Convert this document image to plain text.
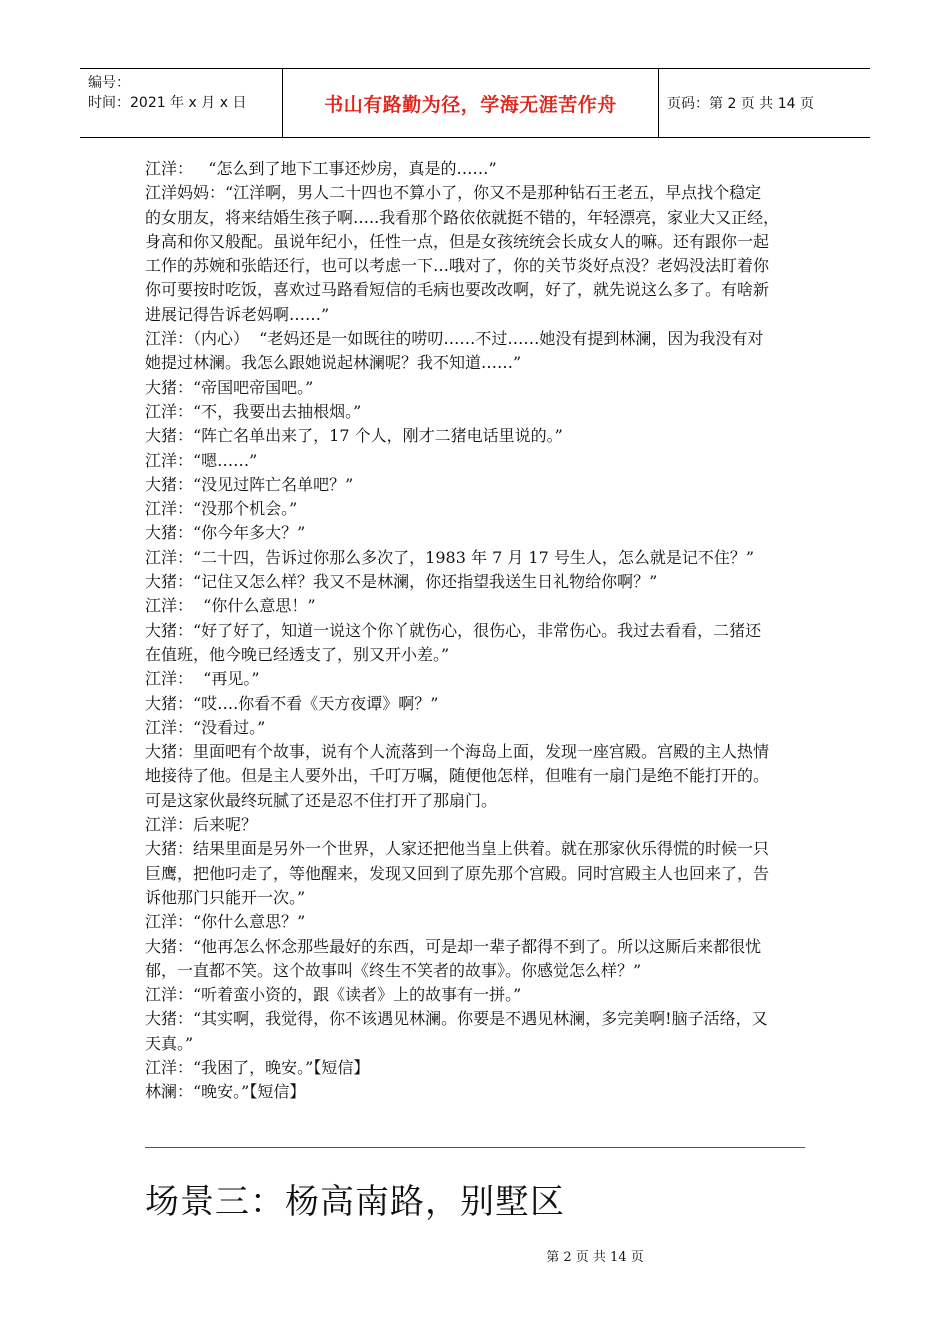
编号：
时间：2021 年 x 月 x 日	书山有路勤为径，学海无涯苦作舟	页码：第 2 页 共 14 页
江洋：   “怎么到了地下工事还炒房，真是的……”
江洋妈妈：“江洋啊，男人二十四也不算小了，你又不是那种钻石王老五，早点找个稳定
的女朋友，将来结婚生孩子啊…..我看那个路依依就挺不错的，年轻漂亮，家业大又正经，
身高和你又般配。虽说年纪小，任性一点，但是女孩统统会长成女人的嘛。还有跟你一起
工作的苏婉和张皓还行，也可以考虑一下…哦对了，你的关节炎好点没？老妈没法盯着你
你可要按时吃饭，喜欢过马路看短信的毛病也要改改啊，好了，就先说这么多了。有啥新
进展记得告诉老妈啊……”
江洋：（内心）  “老妈还是一如既往的唠叨……不过……她没有提到林澜，因为我没有对
她提过林澜。我怎么跟她说起林澜呢？我不知道……”
大猪：“帝国吧帝国吧。”
江洋：“不，我要出去抽根烟。”
大猪：“阵亡名单出来了，17 个人，刚才二猪电话里说的。”
江洋：“嗯……”
大猪：“没见过阵亡名单吧？”
江洋：“没那个机会。”
大猪：“你今年多大？”
江洋：“二十四，告诉过你那么多次了，1983 年 7 月 17 号生人，怎么就是记不住？”
大猪：“记住又怎么样？我又不是林澜，你还指望我送生日礼物给你啊？”
江洋：  “你什么意思！”
大猪：“好了好了，知道一说这个你丫就伤心，很伤心，非常伤心。我过去看看，二猪还
在值班，他今晚已经透支了，别又开小差。”
江洋：  “再见。”
大猪：“哎….你看不看《天方夜谭》啊？”
江洋：“没看过。”
大猪：里面吧有个故事，说有个人流落到一个海岛上面，发现一座宫殿。宫殿的主人热情
地接待了他。但是主人要外出，千叮万嘱，随便他怎样，但唯有一扇门是绝不能打开的。
可是这家伙最终玩腻了还是忍不住打开了那扇门。
江洋：后来呢？
大猪：结果里面是另外一个世界，人家还把他当皇上供着。就在那家伙乐得慌的时候一只
巨鹰，把他叼走了，等他醒来，发现又回到了原先那个宫殿。同时宫殿主人也回来了，告
诉他那门只能开一次。”
江洋：“你什么意思？”
大猪：“他再怎么怀念那些最好的东西，可是却一辈子都得不到了。所以这厮后来都很忧
郁，一直都不笑。这个故事叫《终生不笑者的故事》。你感觉怎么样？”
江洋：“听着蛮小资的，跟《读者》上的故事有一拼。”
大猪：“其实啊，我觉得，你不该遇见林澜。你要是不遇见林澜，多完美啊!脑子活络，又
天真。”
江洋：“我困了，晚安。”【短信】
林澜：“晚安。”【短信】
场景三：杨高南路，别墅区
第 2 页 共 14 页
